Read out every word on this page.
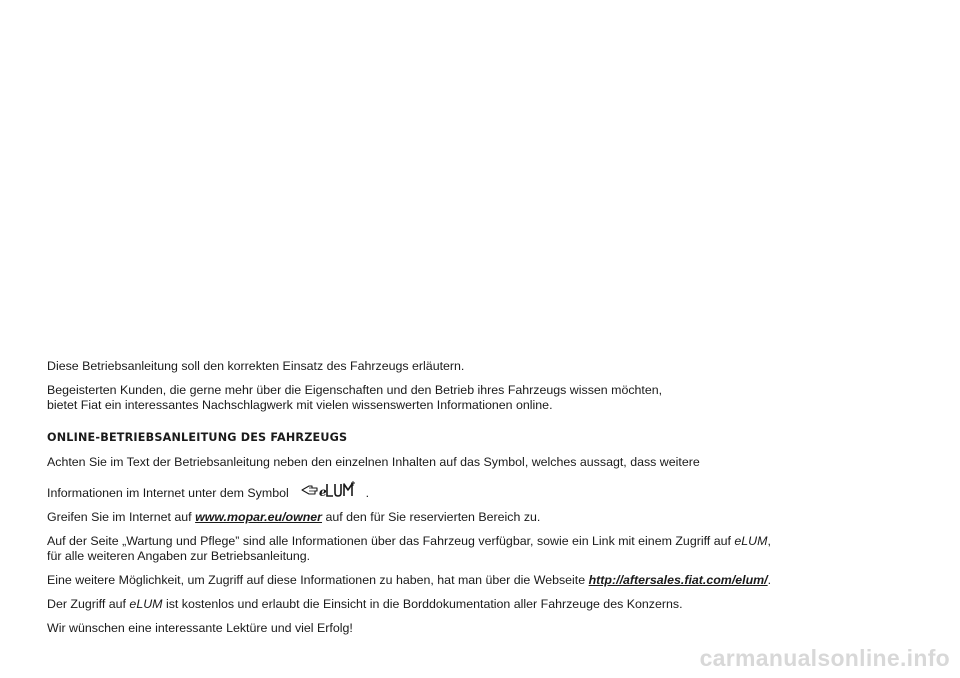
Diese Betriebsanleitung soll den korrekten Einsatz des Fahrzeugs erläutern.

Begeisterten Kunden, die gerne mehr über die Eigenschaften und den Betrieb ihres Fahrzeugs wissen möchten,
bietet Fiat ein interessantes Nachschlagwerk mit vielen wissenswerten Informationen online.

ONLINE-BETRIEBSANLEITUNG DES FAHRZEUGS

Achten Sie im Text der Betriebsanleitung neben den einzelnen Inhalten auf das Symbol, welches aussagt, dass weitere

Informationen im Internet unter dem Symbol	e	.

Greifen Sie im Internet auf www.mopar.eu/owner auf den für Sie reservierten Bereich zu.

Auf der Seite „Wartung und Pflege” sind alle Informationen über das Fahrzeug verfügbar, sowie ein Link mit einem Zugriff auf eLUM,
für alle weiteren Angaben zur Betriebsanleitung.

Eine weitere Möglichkeit, um Zugriff auf diese Informationen zu haben, hat man über die Webseite http://aftersales.fiat.com/elum/.

Der Zugriff auf eLUM ist kostenlos und erlaubt die Einsicht in die Borddokumentation aller Fahrzeuge des Konzerns.

Wir wünschen eine interessante Lektüre und viel Erfolg!

carmanualsonline.info
